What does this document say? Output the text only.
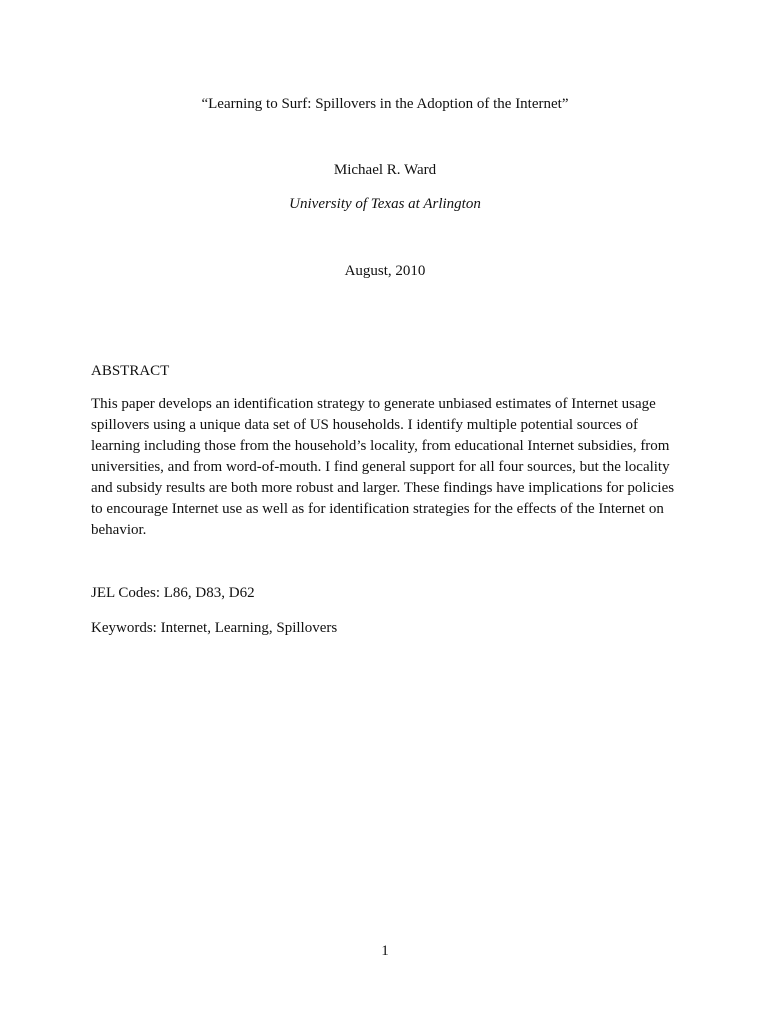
“Learning to Surf: Spillovers in the Adoption of the Internet”
Michael R. Ward
University of Texas at Arlington
August, 2010
ABSTRACT
This paper develops an identification strategy to generate unbiased estimates of Internet usage
spillovers using a unique data set of US households. I identify multiple potential sources of
learning including those from the household’s locality, from educational Internet subsidies, from
universities, and from word-of-mouth. I find general support for all four sources, but the locality
and subsidy results are both more robust and larger. These findings have implications for policies
to encourage Internet use as well as for identification strategies for the effects of the Internet on
behavior.
JEL Codes: L86, D83, D62
Keywords: Internet, Learning, Spillovers
1
